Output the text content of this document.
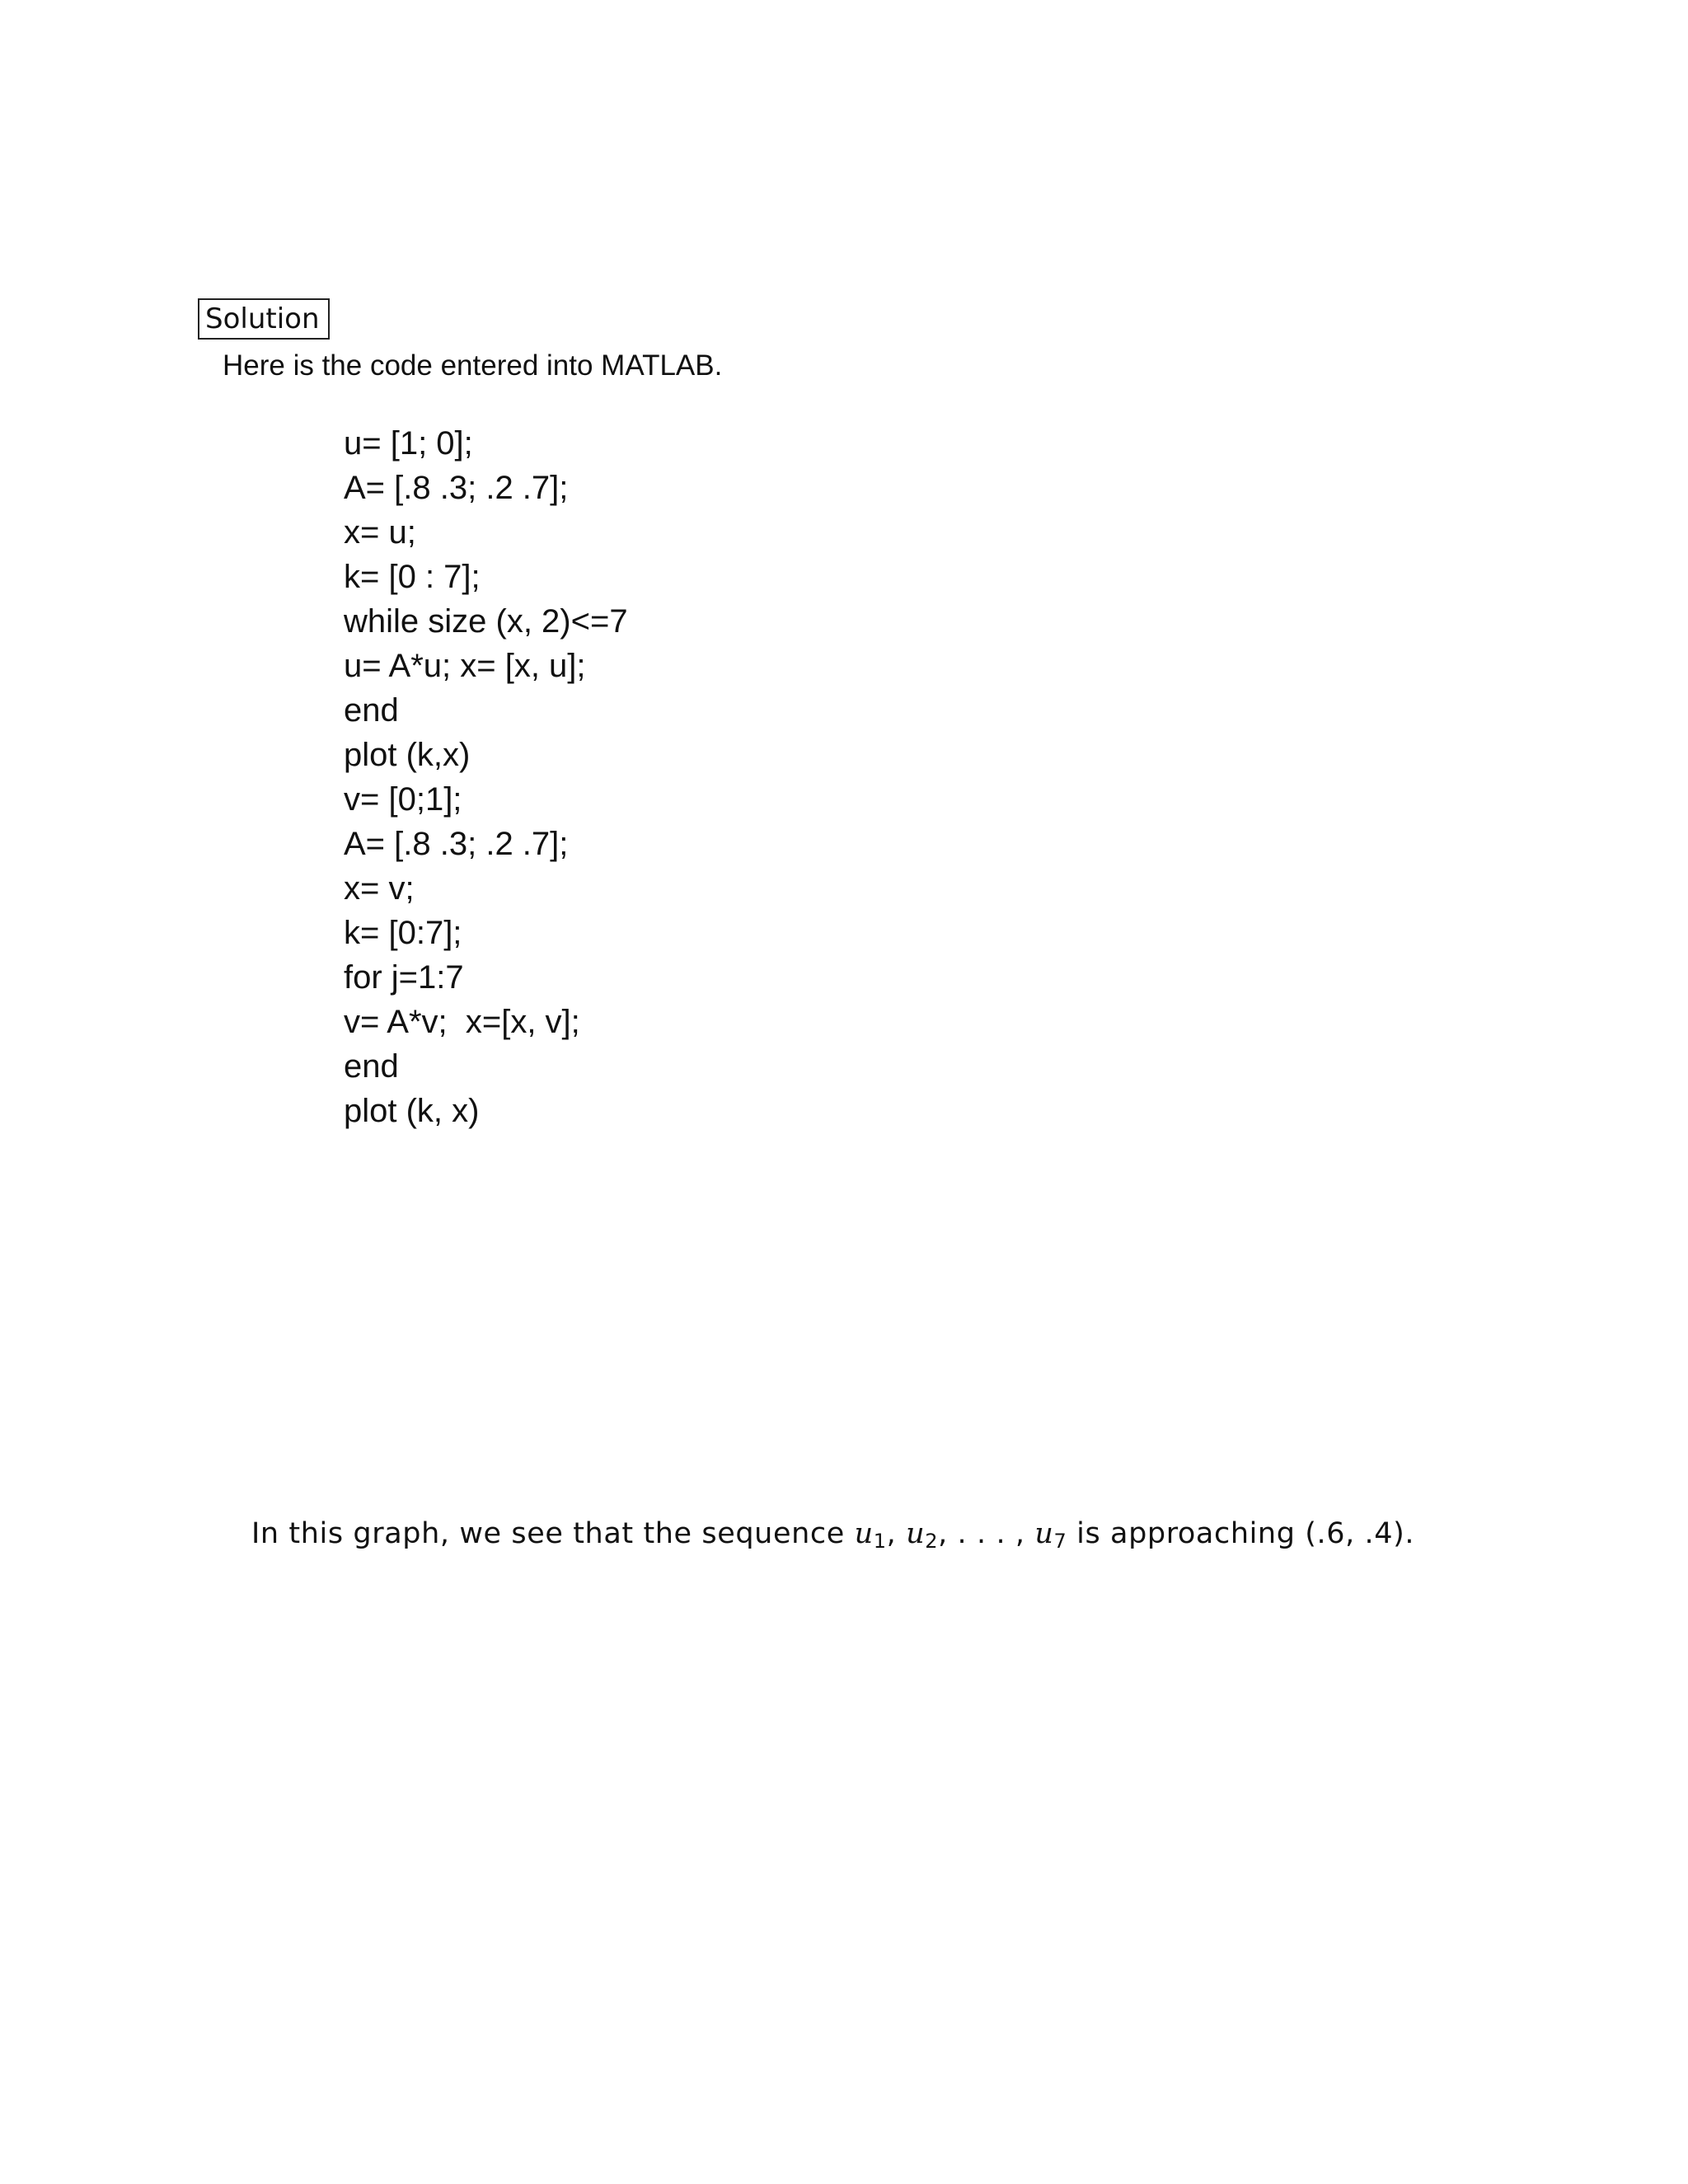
Solution
Here is the code entered into MATLAB.
u= [1; 0];
A= [.8 .3; .2 .7];
x= u;
k= [0 : 7];
while size (x, 2)<=7
u= A*u; x= [x, u];
end
plot (k,x)
v= [0;1];
A= [.8 .3; .2 .7];
x= v;
k= [0:7];
for j=1:7
v= A*v;  x=[x, v];
end
plot (k, x)
In this graph, we see that the sequence $u_1$, $u_2$, . . . , $u_7$ is approaching (.6, .4).
